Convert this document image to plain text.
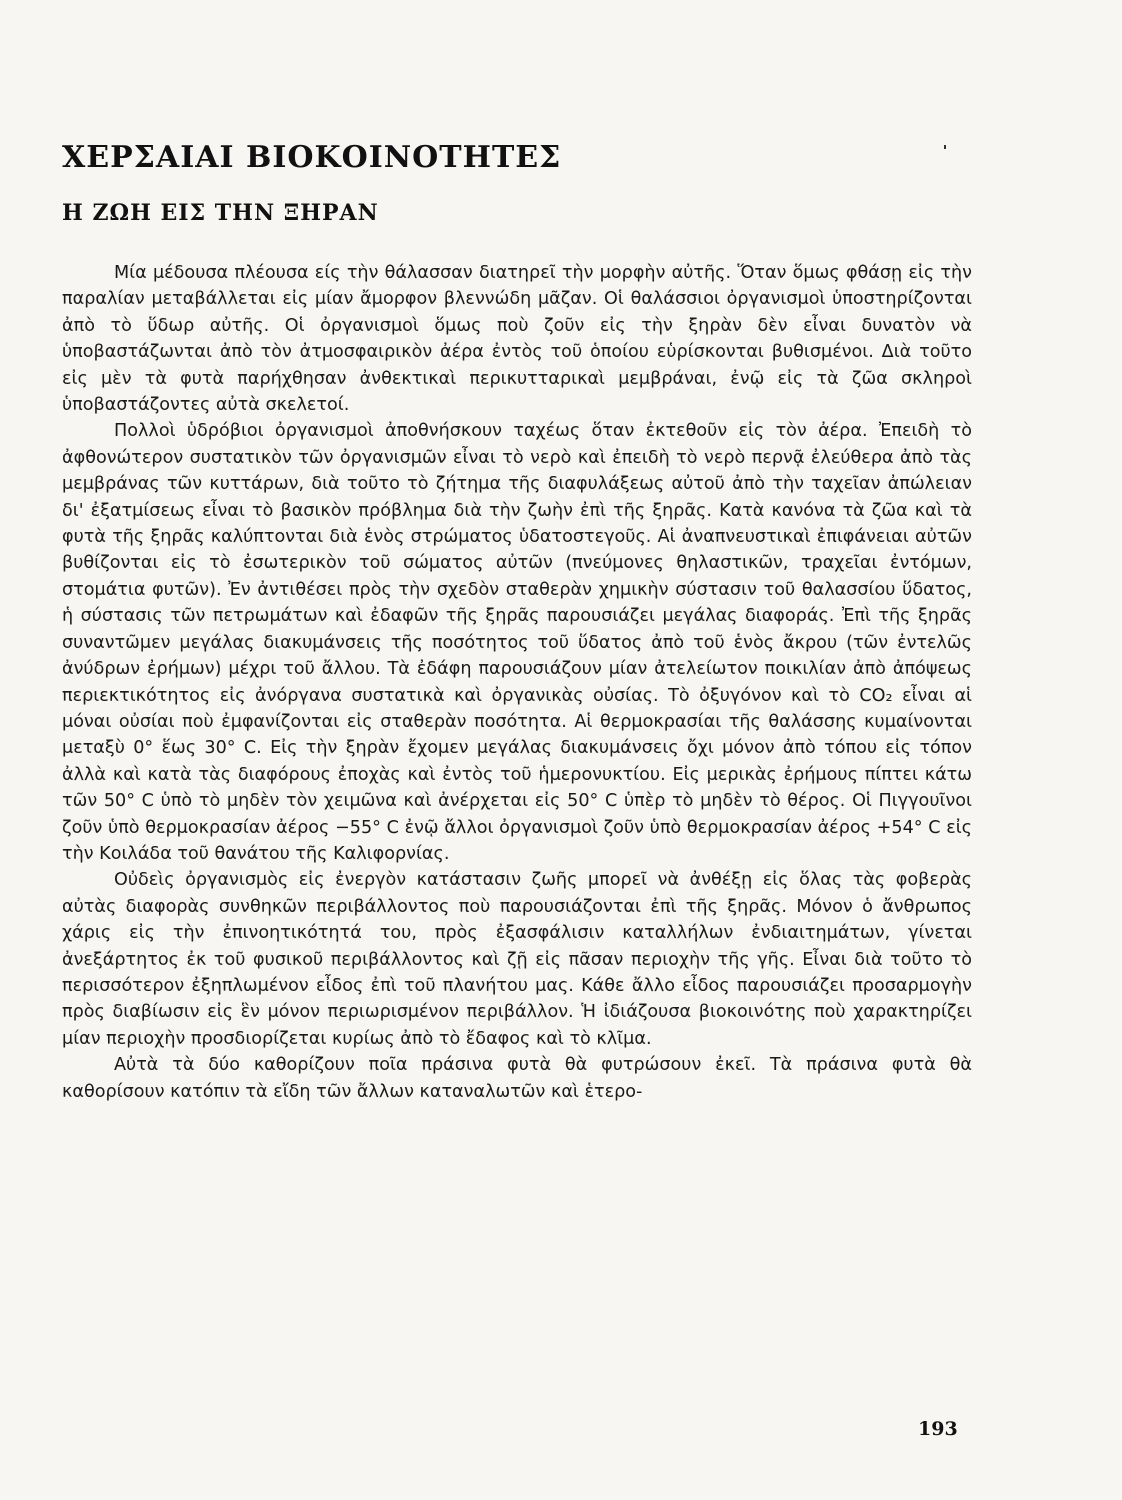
ΧΕΡΣΑΙΑΙ ΒΙΟΚΟΙΝΟΤΗΤΕΣ
Η ΖΩΗ ΕΙΣ ΤΗΝ ΞΗΡΑΝ

Μία μέδουσα πλέουσα είς τὴν θάλασσαν διατηρεῖ τὴν μορφὴν αὐτῆς. Ὅταν ὅμως φθάσῃ εἰς τὴν παραλίαν μεταβάλλεται εἰς μίαν ἄμορφον βλεννώδη μᾶζαν. Οἱ θαλάσσιοι ὀργανισμοὶ ὑποστηρίζονται ἀπὸ τὸ ὕδωρ αὐτῆς. Οἱ ὀργανισμοὶ ὅμως ποὺ ζοῦν εἰς τὴν ξηρὰν δὲν εἶναι δυνατὸν νὰ ὑποβαστάζωνται ἀπὸ τὸν ἀτμοσφαιρικὸν ἀέρα ἐντὸς τοῦ ὁποίου εὑρίσκονται βυθισμένοι. Διὰ τοῦτο εἰς μὲν τὰ φυτὰ παρήχθησαν ἀνθεκτικαὶ περικυτταρικαὶ μεμβράναι, ἐνῷ εἰς τὰ ζῶα σκληροὶ ὑποβαστάζοντες αὐτὰ σκελετοί.

Πολλοὶ ὑδρόβιοι ὀργανισμοὶ ἀποθνήσκουν ταχέως ὅταν ἐκτεθοῦν εἰς τὸν ἀέρα. Ἐπειδὴ τὸ ἀφθονώτερον συστατικὸν τῶν ὀργανισμῶν εἶναι τὸ νερὸ καὶ ἐπειδὴ τὸ νερὸ περνᾷ ἐλεύθερα ἀπὸ τὰς μεμβράνας τῶν κυττάρων, διὰ τοῦτο τὸ ζήτημα τῆς διαφυλάξεως αὐτοῦ ἀπὸ τὴν ταχεῖαν ἀπώλειαν δι' ἐξατμίσεως εἶναι τὸ βασικὸν πρόβλημα διὰ τὴν ζωὴν ἐπὶ τῆς ξηρᾶς. Κατὰ κανόνα τὰ ζῶα καὶ τὰ φυτὰ τῆς ξηρᾶς καλύπτονται διὰ ἑνὸς στρώματος ὑδατοστεγοῦς. Αἱ ἀναπνευστικαὶ ἐπιφάνειαι αὐτῶν βυθίζονται εἰς τὸ ἐσωτερικὸν τοῦ σώματος αὐτῶν (πνεύμονες θηλαστικῶν, τραχεῖαι ἐντόμων, στομάτια φυτῶν). Ἐν ἀντιθέσει πρὸς τὴν σχεδὸν σταθερὰν χημικὴν σύστασιν τοῦ θαλασσίου ὕδατος, ἡ σύστασις τῶν πετρωμάτων καὶ ἐδαφῶν τῆς ξηρᾶς παρουσιάζει μεγάλας διαφοράς. Ἐπὶ τῆς ξηρᾶς συναντῶμεν μεγάλας διακυμάνσεις τῆς ποσότητος τοῦ ὕδατος ἀπὸ τοῦ ἑνὸς ἄκρου (τῶν ἐντελῶς ἀνύδρων ἐρήμων) μέχρι τοῦ ἄλλου. Τὰ ἐδάφη παρουσιάζουν μίαν ἀτελείωτον ποικιλίαν ἀπὸ ἀπόψεως περιεκτικότητος εἰς ἀνόργανα συστατικὰ καὶ ὀργανικὰς οὐσίας. Τὸ ὀξυγόνον καὶ τὸ CO₂ εἶναι αἱ μόναι οὐσίαι ποὺ ἐμφανίζονται εἰς σταθερὰν ποσότητα. Αἱ θερμοκρασίαι τῆς θαλάσσης κυμαίνονται μεταξὺ 0° ἕως 30° C. Εἰς τὴν ξηρὰν ἔχομεν μεγάλας διακυμάνσεις ὄχι μόνον ἀπὸ τόπου εἰς τόπον ἀλλὰ καὶ κατὰ τὰς διαφόρους ἐποχὰς καὶ ἐντὸς τοῦ ἡμερονυκτίου. Εἰς μερικὰς ἐρήμους πίπτει κάτω τῶν 50° C ὑπὸ τὸ μηδὲν τὸν χειμῶνα καὶ ἀνέρχεται εἰς 50° C ὑπὲρ τὸ μηδὲν τὸ θέρος. Οἱ Πιγγουῖνοι ζοῦν ὑπὸ θερμοκρασίαν ἀέρος −55° C ἐνῷ ἄλλοι ὀργανισμοὶ ζοῦν ὑπὸ θερμοκρασίαν ἀέρος +54° C εἰς τὴν Κοιλάδα τοῦ θανάτου τῆς Καλιφορνίας.

Οὐδεὶς ὀργανισμὸς εἰς ἐνεργὸν κατάστασιν ζωῆς μπορεῖ νὰ ἀνθέξῃ εἰς ὅλας τὰς φοβερὰς αὐτὰς διαφορὰς συνθηκῶν περιβάλλοντος ποὺ παρουσιάζονται ἐπὶ τῆς ξηρᾶς. Μόνον ὁ ἄνθρωπος χάρις εἰς τὴν ἐπινοητικότητά του, πρὸς ἐξασφάλισιν καταλλήλων ἐνδιαιτημάτων, γίνεται ἀνεξάρτητος ἐκ τοῦ φυσικοῦ περιβάλλοντος καὶ ζῇ εἰς πᾶσαν περιοχὴν τῆς γῆς. Εἶναι διὰ τοῦτο τὸ περισσότερον ἐξηπλωμένον εἶδος ἐπὶ τοῦ πλανήτου μας. Κάθε ἄλλο εἶδος παρουσιάζει προσαρμογὴν πρὸς διαβίωσιν εἰς ἓν μόνον περιωρισμένον περιβάλλον. Ἡ ἰδιάζουσα βιοκοινότης ποὺ χαρακτηρίζει μίαν περιοχὴν προσδιορίζεται κυρίως ἀπὸ τὸ ἔδαφος καὶ τὸ κλῖμα.

Αὐτὰ τὰ δύο καθορίζουν ποῖα πράσινα φυτὰ θὰ φυτρώσουν ἐκεῖ. Τὰ πράσινα φυτὰ θὰ καθορίσουν κατόπιν τὰ εἴδη τῶν ἄλλων καταναλωτῶν καὶ ἑτερο-

193
